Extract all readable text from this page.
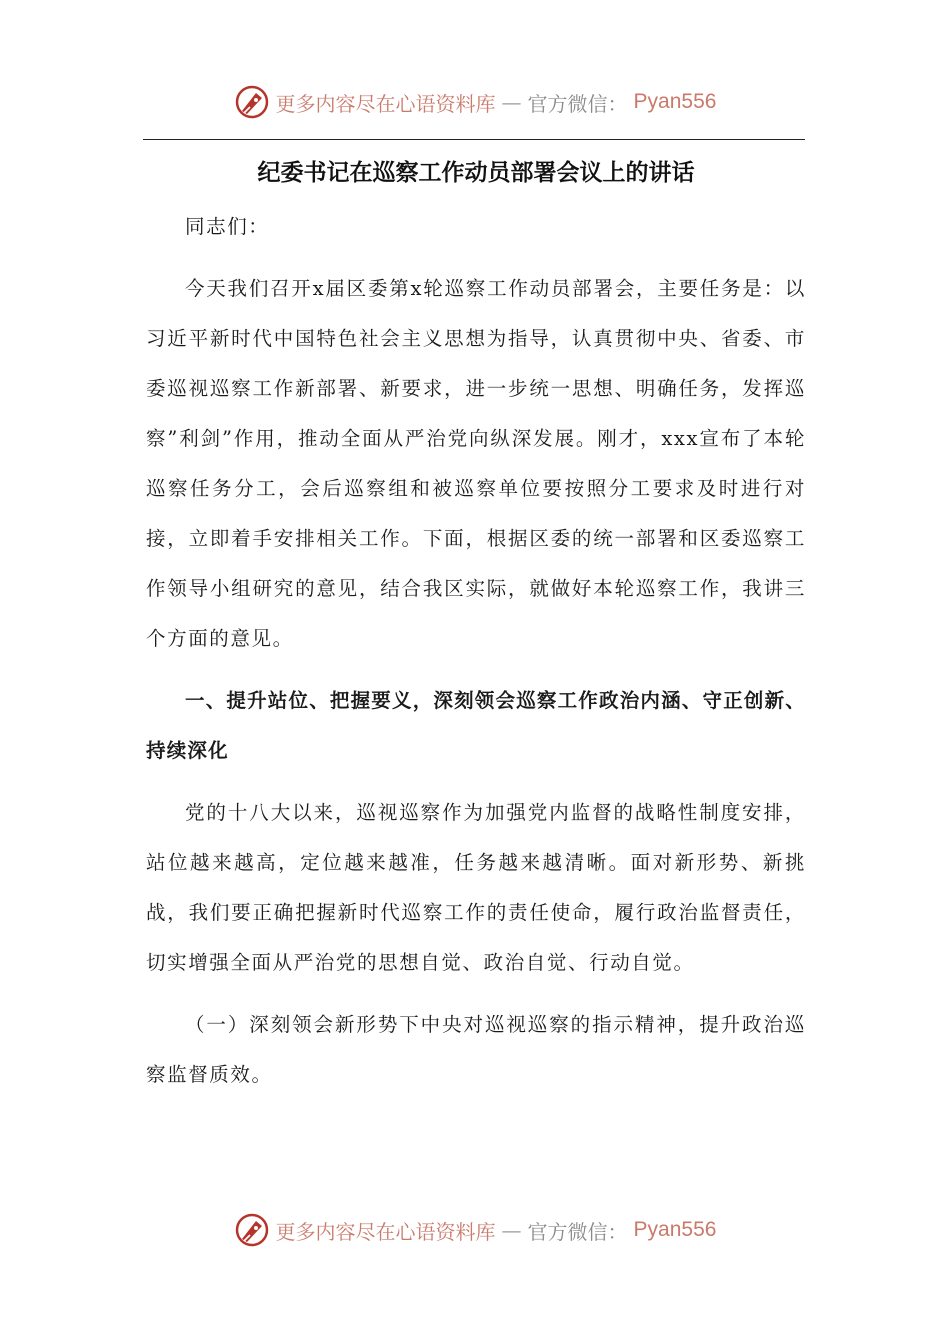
更多内容尽在心语资料库 — 官方微信： Pyan556
纪委书记在巡察工作动员部署会议上的讲话

同志们：

今天我们召开x届区委第x轮巡察工作动员部署会，主要任务是：以习近平新时代中国特色社会主义思想为指导，认真贯彻中央、省委、市委巡视巡察工作新部署、新要求，进一步统一思想、明确任务，发挥巡察”利剑”作用，推动全面从严治党向纵深发展。刚才，xxx宣布了本轮巡察任务分工，会后巡察组和被巡察单位要按照分工要求及时进行对接，立即着手安排相关工作。下面，根据区委的统一部署和区委巡察工作领导小组研究的意见，结合我区实际，就做好本轮巡察工作，我讲三个方面的意见。

一、提升站位、把握要义，深刻领会巡察工作政治内涵、守正创新、持续深化

党的十八大以来，巡视巡察作为加强党内监督的战略性制度安排，站位越来越高，定位越来越准，任务越来越清晰。面对新形势、新挑战，我们要正确把握新时代巡察工作的责任使命，履行政治监督责任，切实增强全面从严治党的思想自觉、政治自觉、行动自觉。

（一）深刻领会新形势下中央对巡视巡察的指示精神，提升政治巡察监督质效。

更多内容尽在心语资料库 — 官方微信： Pyan556
